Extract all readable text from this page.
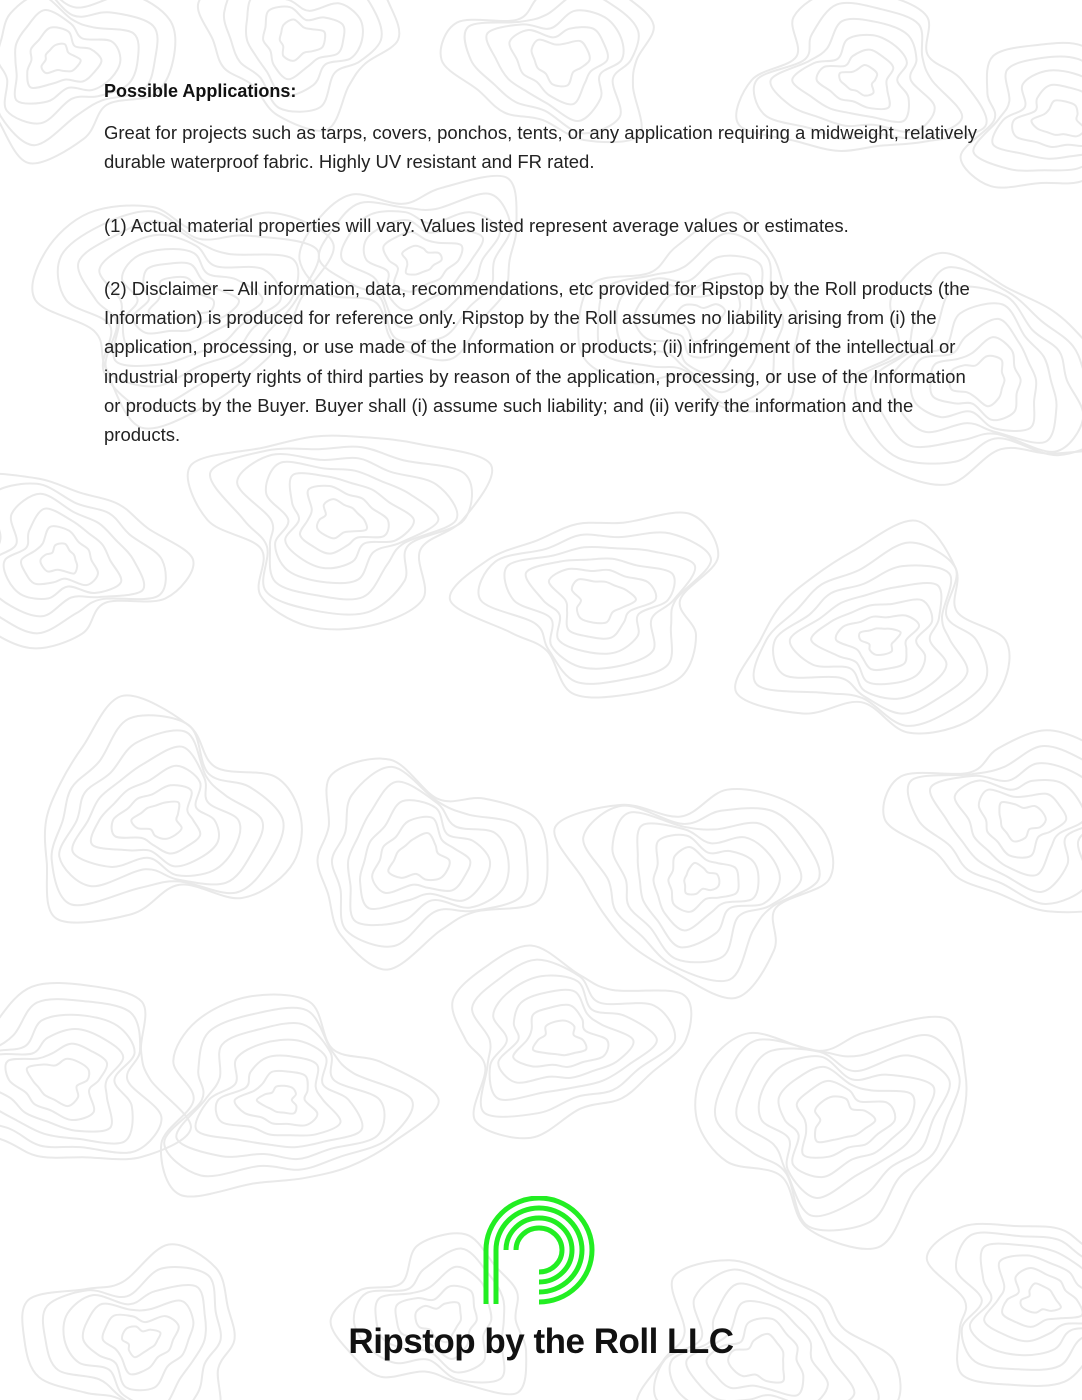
Possible Applications:

Great for projects such as tarps, covers, ponchos, tents, or any application requiring a midweight, relatively durable waterproof fabric. Highly UV resistant and FR rated.

(1) Actual material properties will vary. Values listed represent average values or estimates.

(2) Disclaimer – All information, data, recommendations, etc provided for Ripstop by the Roll products (the Information) is produced for reference only. Ripstop by the Roll assumes no liability arising from (i) the application, processing, or use made of the Information or products; (ii) infringement of the intellectual or industrial property rights of third parties by reason of the application, processing, or use of the Information or products by the Buyer. Buyer shall (i) assume such liability; and (ii) verify the information and the products.

Ripstop by the Roll LLC
